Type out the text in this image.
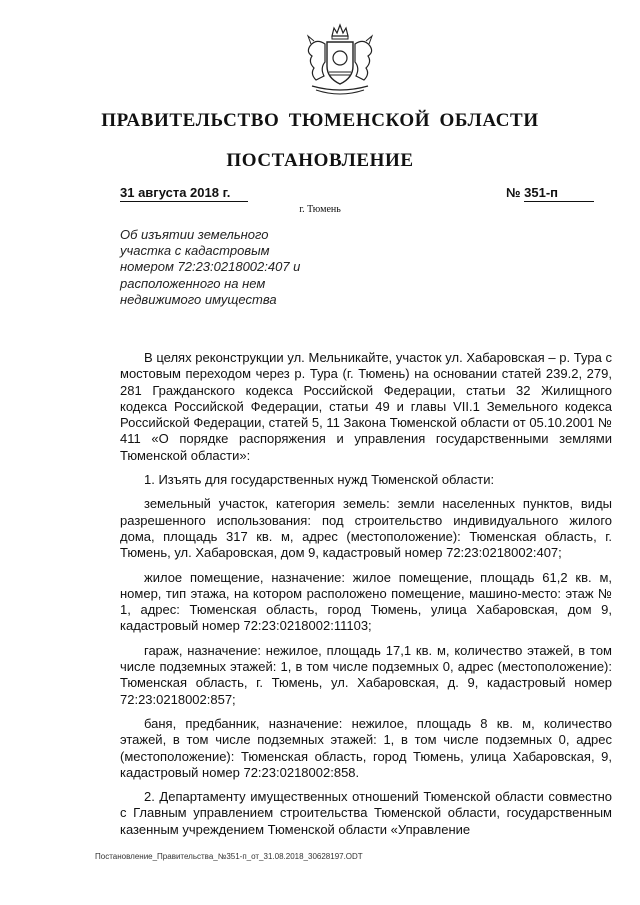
ПРАВИТЕЛЬСТВО ТЮМЕНСКОЙ ОБЛАСТИ
ПОСТАНОВЛЕНИЕ
31 августа 2018 г.	№ 351-п
г. Тюмень
Об изъятии земельного участка с кадастровым номером 72:23:0218002:407 и расположенного на нем недвижимого имущества

В целях реконструкции ул. Мельникайте, участок ул. Хабаровская – р. Тура с мостовым переходом через р. Тура (г. Тюмень) на основании статей 239.2, 279, 281 Гражданского кодекса Российской Федерации, статьи 32 Жилищного кодекса Российской Федерации, статьи 49 и главы VII.1 Земельного кодекса Российской Федерации, статей 5, 11 Закона Тюменской области от 05.10.2001 № 411 «О порядке распоряжения и управления государственными землями Тюменской области»:

1. Изъять для государственных нужд Тюменской области:

земельный участок, категория земель: земли населенных пунктов, виды разрешенного использования: под строительство индивидуального жилого дома, площадь 317 кв. м, адрес (местоположение): Тюменская область, г. Тюмень, ул. Хабаровская, дом 9, кадастровый номер 72:23:0218002:407;

жилое помещение, назначение: жилое помещение, площадь 61,2 кв. м, номер, тип этажа, на котором расположено помещение, машино-место: этаж № 1, адрес: Тюменская область, город Тюмень, улица Хабаровская, дом 9, кадастровый номер 72:23:0218002:11103;

гараж, назначение: нежилое, площадь 17,1 кв. м, количество этажей, в том числе подземных этажей: 1, в том числе подземных 0, адрес (местоположение): Тюменская область, г. Тюмень, ул. Хабаровская, д. 9, кадастровый номер 72:23:0218002:857;

баня, предбанник, назначение: нежилое, площадь 8 кв. м, количество этажей, в том числе подземных этажей: 1, в том числе подземных 0, адрес (местоположение): Тюменская область, город Тюмень, улица Хабаровская, 9, кадастровый номер 72:23:0218002:858.

2. Департаменту имущественных отношений Тюменской области совместно с Главным управлением строительства Тюменской области, государственным казенным учреждением Тюменской области «Управление

Постановление_Правительства_№351-п_от_31.08.2018_30628197.ODT
